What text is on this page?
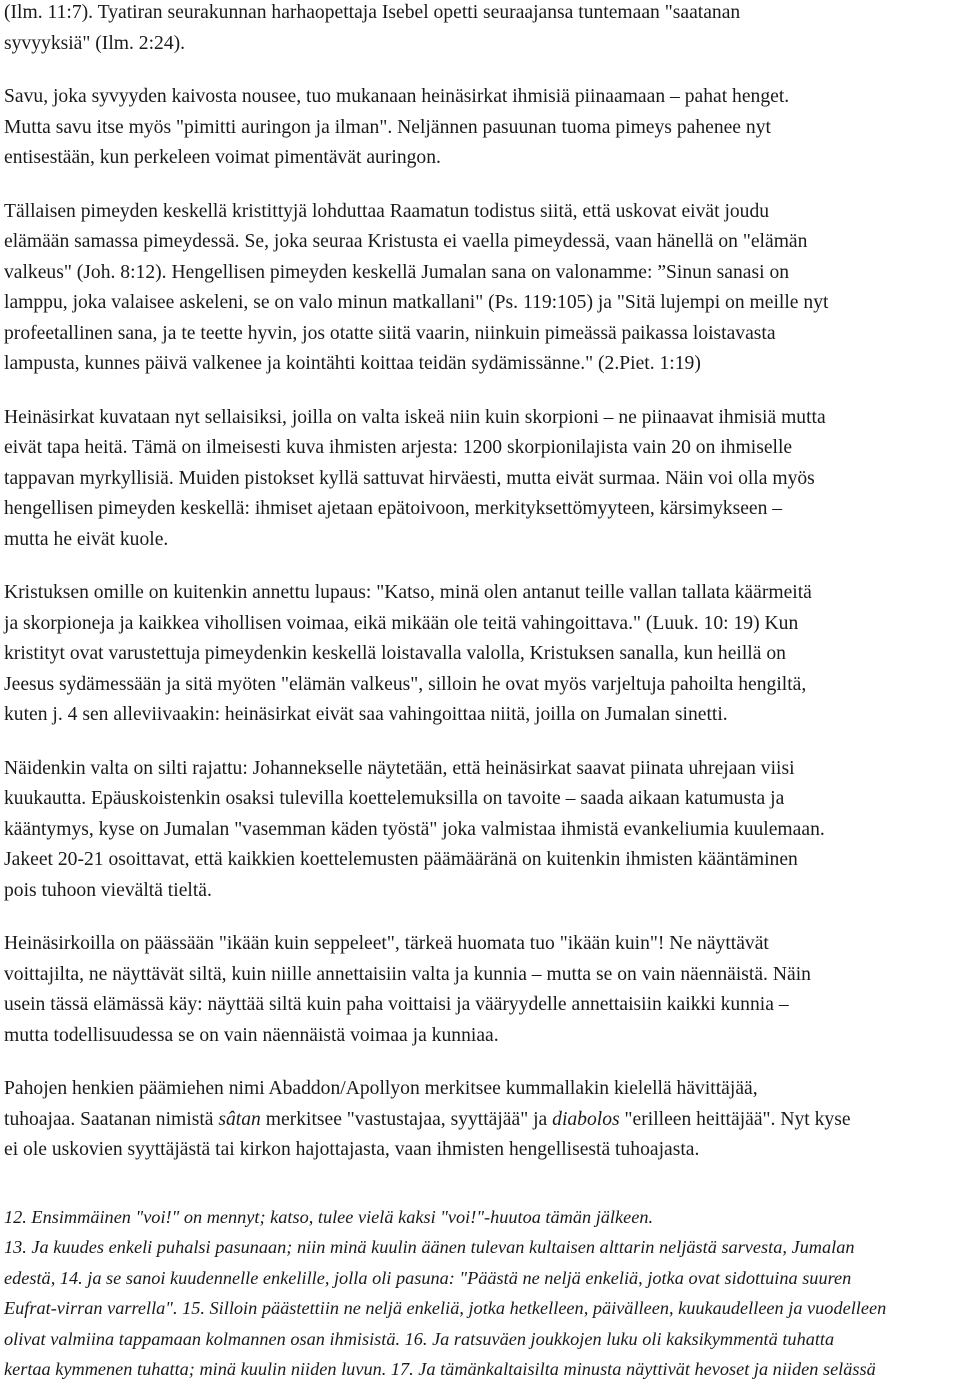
(Ilm. 11:7). Tyatiran seurakunnan harhaopettaja Isebel opetti seuraajansa tuntemaan "saatanan
syvyyksiä" (Ilm. 2:24).

Savu, joka syvyyden kaivosta nousee, tuo mukanaan heinäsirkat ihmisiä piinaamaan – pahat henget.
Mutta savu itse myös "pimitti auringon ja ilman". Neljännen pasuunan tuoma pimeys pahenee nyt
entisestään, kun perkeleen voimat pimentävät auringon.

Tällaisen pimeyden keskellä kristittyjä lohduttaa Raamatun todistus siitä, että uskovat eivät joudu
elämään samassa pimeydessä. Se, joka seuraa Kristusta ei vaella pimeydessä, vaan hänellä on "elämän
valkeus" (Joh. 8:12). Hengellisen pimeyden keskellä Jumalan sana on valonamme: ”Sinun sanasi on
lamppu, joka valaisee askeleni, se on valo minun matkallani" (Ps. 119:105) ja "Sitä lujempi on meille nyt
profeetallinen sana, ja te teette hyvin, jos otatte siitä vaarin, niinkuin pimeässä paikassa loistavasta
lampusta, kunnes päivä valkenee ja kointähti koittaa teidän sydämissänne." (2.Piet. 1:19)

Heinäsirkat kuvataan nyt sellaisiksi, joilla on valta iskeä niin kuin skorpioni – ne piinaavat ihmisiä mutta
eivät tapa heitä. Tämä on ilmeisesti kuva ihmisten arjesta: 1200 skorpionilajista vain 20 on ihmiselle
tappavan myrkyllisiä. Muiden pistokset kyllä sattuvat hirväesti, mutta eivät surmaa. Näin voi olla myös
hengellisen pimeyden keskellä: ihmiset ajetaan epätoivoon, merkityksettömyyteen, kärsimykseen –
mutta he eivät kuole.

Kristuksen omille on kuitenkin annettu lupaus: "Katso, minä olen antanut teille vallan tallata käärmeitä
ja skorpioneja ja kaikkea vihollisen voimaa, eikä mikään ole teitä vahingoittava." (Luuk. 10: 19) Kun
kristityt ovat varustettuja pimeydenkin keskellä loistavalla valolla, Kristuksen sanalla, kun heillä on
Jeesus sydämessään ja sitä myöten "elämän valkeus", silloin he ovat myös varjeltuja pahoilta hengiltä,
kuten j. 4 sen alleviivaakin: heinäsirkat eivät saa vahingoittaa niitä, joilla on Jumalan sinetti.

Näidenkin valta on silti rajattu: Johannekselle näytetään, että heinäsirkat saavat piinata uhrejaan viisi
kuukautta. Epäuskoistenkin osaksi tulevilla koettelemuksilla on tavoite – saada aikaan katumusta ja
kääntymys, kyse on Jumalan "vasemman käden työstä" joka valmistaa ihmistä evankeliumia kuulemaan.
Jakeet 20-21 osoittavat, että kaikkien koettelemusten päämääränä on kuitenkin ihmisten kääntäminen
pois tuhoon vievältä tieltä.

Heinäsirkoilla on päässään "ikään kuin seppeleet", tärkeä huomata tuo "ikään kuin"! Ne näyttävät
voittajilta, ne näyttävät siltä, kuin niille annettaisiin valta ja kunnia – mutta se on vain näennäistä. Näin
usein tässä elämässä käy: näyttää siltä kuin paha voittaisi ja vääryydelle annettaisiin kaikki kunnia –
mutta todellisuudessa se on vain näennäistä voimaa ja kunniaa.

Pahojen henkien päämiehen nimi Abaddon/Apollyon merkitsee kummallakin kielellä hävittäjää,
tuhoajaa. Saatanan nimistä sâtan merkitsee "vastustajaa, syyttäjää" ja diabolos "erilleen heittäjää". Nyt kyse
ei ole uskovien syyttäjästä tai kirkon hajottajasta, vaan ihmisten hengellisestä tuhoajasta.

12. Ensimmäinen "voi!" on mennyt; katso, tulee vielä kaksi "voi!"-huutoa tämän jälkeen.
13. Ja kuudes enkeli puhalsi pasunaan; niin minä kuulin äänen tulevan kultaisen alttarin neljästä sarvesta, Jumalan
edestä, 14. ja se sanoi kuudennelle enkelille, jolla oli pasuna: "Päästä ne neljä enkeliä, jotka ovat sidottuina suuren
Eufrat-virran varrella". 15. Silloin päästettiin ne neljä enkeliä, jotka hetkelleen, päivälleen, kuukaudelleen ja vuodelleen
olivat valmiina tappamaan kolmannen osan ihmisistä. 16. Ja ratsuväen joukkojen luku oli kaksikymmentä tuhatta
kertaa kymmenen tuhatta; minä kuulin niiden luvun. 17. Ja tämänkaltaisilta minusta näyttivät hevoset ja niiden selässä
